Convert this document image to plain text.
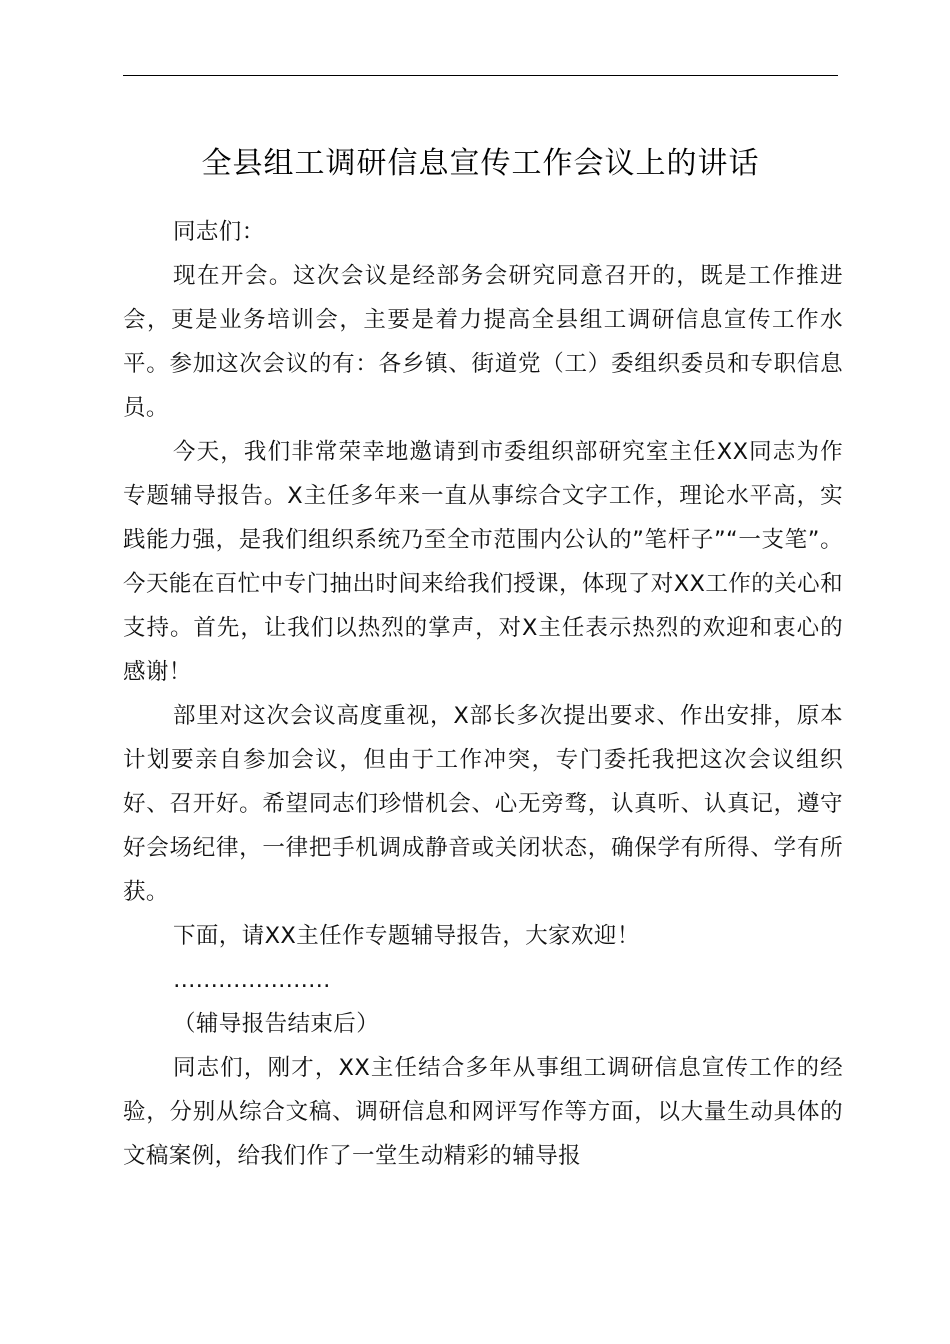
全县组工调研信息宣传工作会议上的讲话

同志们：

现在开会。这次会议是经部务会研究同意召开的，既是工作推进会，更是业务培训会，主要是着力提高全县组工调研信息宣传工作水平。参加这次会议的有：各乡镇、街道党（工）委组织委员和专职信息员。

今天，我们非常荣幸地邀请到市委组织部研究室主任XX同志为作专题辅导报告。X主任多年来一直从事综合文字工作，理论水平高，实践能力强，是我们组织系统乃至全市范围内公认的”笔杆子”“一支笔”。今天能在百忙中专门抽出时间来给我们授课，体现了对XX工作的关心和支持。首先，让我们以热烈的掌声，对X主任表示热烈的欢迎和衷心的感谢！

部里对这次会议高度重视，X部长多次提出要求、作出安排，原本计划要亲自参加会议，但由于工作冲突，专门委托我把这次会议组织好、召开好。希望同志们珍惜机会、心无旁骛，认真听、认真记，遵守好会场纪律，一律把手机调成静音或关闭状态，确保学有所得、学有所获。

下面，请XX主任作专题辅导报告，大家欢迎！

…………………

（辅导报告结束后）

同志们，刚才，XX主任结合多年从事组工调研信息宣传工作的经验，分别从综合文稿、调研信息和网评写作等方面，以大量生动具体的文稿案例，给我们作了一堂生动精彩的辅导报
